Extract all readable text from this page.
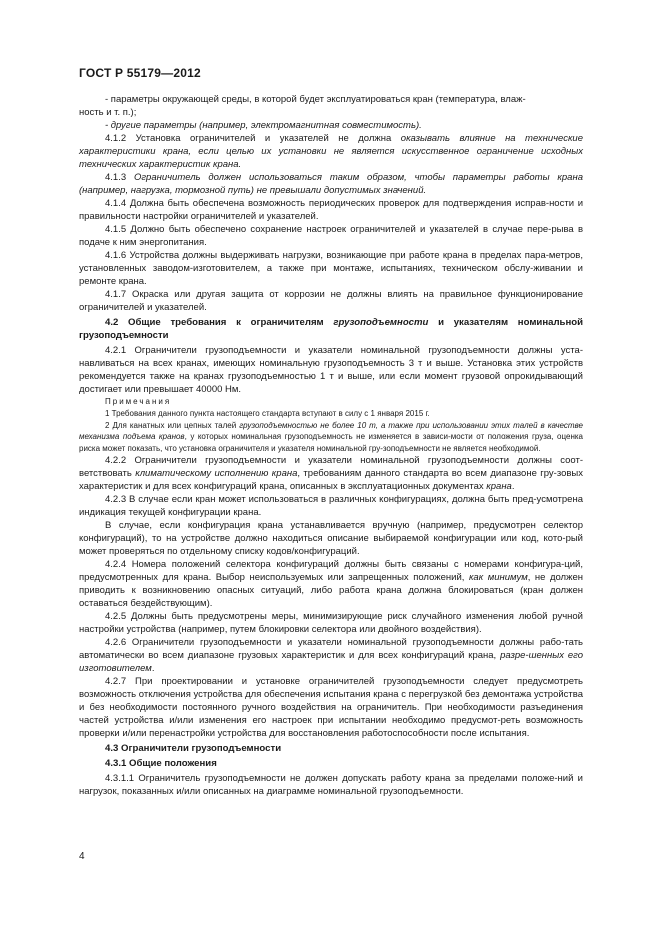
ГОСТ Р 55179—2012

- параметры окружающей среды, в которой будет эксплуатироваться кран (температура, влаж-
ность и т. п.);

- другие параметры (например, электромагнитная совместимость).

4.1.2 Установка ограничителей и указателей не должна оказывать влияние на технические характеристики крана, если целью их установки не является искусственное ограничение исходных технических характеристик крана.

4.1.3 Ограничитель должен использоваться таким образом, чтобы параметры работы крана (например, нагрузка, тормозной путь) не превышали допустимых значений.

4.1.4 Должна быть обеспечена возможность периодических проверок для подтверждения исправ-ности и правильности настройки ограничителей и указателей.

4.1.5 Должно быть обеспечено сохранение настроек ограничителей и указателей в случае пере-рыва в подаче к ним энергопитания.

4.1.6 Устройства должны выдерживать нагрузки, возникающие при работе крана в пределах пара-метров, установленных заводом-изготовителем, а также при монтаже, испытаниях, техническом обслу-живании и ремонте крана.

4.1.7 Окраска или другая защита от коррозии не должны влиять на правильное функционирование ограничителей и указателей.

4.2 Общие требования к ограничителям грузоподъемности и указателям номинальной грузоподъемности

4.2.1 Ограничители грузоподъемности и указатели номинальной грузоподъемности должны уста-навливаться на всех кранах, имеющих номинальную грузоподъемность 3 т и выше. Установка этих устройств рекомендуется также на кранах грузоподъемностью 1 т и выше, или если момент грузовой опрокидывающий достигает или превышает 40000 Нм.

Примечания

1 Требования данного пункта настоящего стандарта вступают в силу с 1 января 2015 г.

2 Для канатных или цепных талей грузоподъемностью не более 10 т, а также при использовании этих талей в качестве механизма подъема кранов, у которых номинальная грузоподъемность не изменяется в зависи-мости от положения груза, оценка риска может показать, что установка ограничителя и указателя номинальной гру-зоподъемности не является необходимой.

4.2.2 Ограничители грузоподъемности и указатели номинальной грузоподъемности должны соот-ветствовать климатическому исполнению крана, требованиям данного стандарта во всем диапазоне гру-зовых характеристик и для всех конфигураций крана, описанных в эксплуатационных документах крана.

4.2.3 В случае если кран может использоваться в различных конфигурациях, должна быть пред-усмотрена индикация текущей конфигурации крана.

В случае, если конфигурация крана устанавливается вручную (например, предусмотрен селектор конфигураций), то на устройстве должно находиться описание выбираемой конфигурации или код, кото-рый может проверяться по отдельному списку кодов/конфигураций.

4.2.4 Номера положений селектора конфигураций должны быть связаны с номерами конфигура-ций, предусмотренных для крана. Выбор неиспользуемых или запрещенных положений, как минимум, не должен приводить к возникновению опасных ситуаций, либо работа крана должна блокироваться (кран должен оставаться бездействующим).

4.2.5 Должны быть предусмотрены меры, минимизирующие риск случайного изменения любой ручной настройки устройства (например, путем блокировки селектора или двойного воздействия).

4.2.6 Ограничители грузоподъемности и указатели номинальной грузоподъемности должны рабо-тать автоматически во всем диапазоне грузовых характеристик и для всех конфигураций крана, разре-шенных его изготовителем.

4.2.7 При проектировании и установке ограничителей грузоподъемности следует предусмотреть возможность отключения устройства для обеспечения испытания крана с перегрузкой без демонтажа устройства и без необходимости постоянного ручного воздействия на ограничитель. При необходимости разъединения частей устройства и/или изменения его настроек при испытании необходимо предусмот-реть возможность проверки и/или перенастройки устройства для восстановления работоспособности после испытания.

4.3 Ограничители грузоподъемности

4.3.1 Общие положения

4.3.1.1 Ограничитель грузоподъемности не должен допускать работу крана за пределами положе-ний и нагрузок, показанных и/или описанных на диаграмме номинальной грузоподъемности.

4
